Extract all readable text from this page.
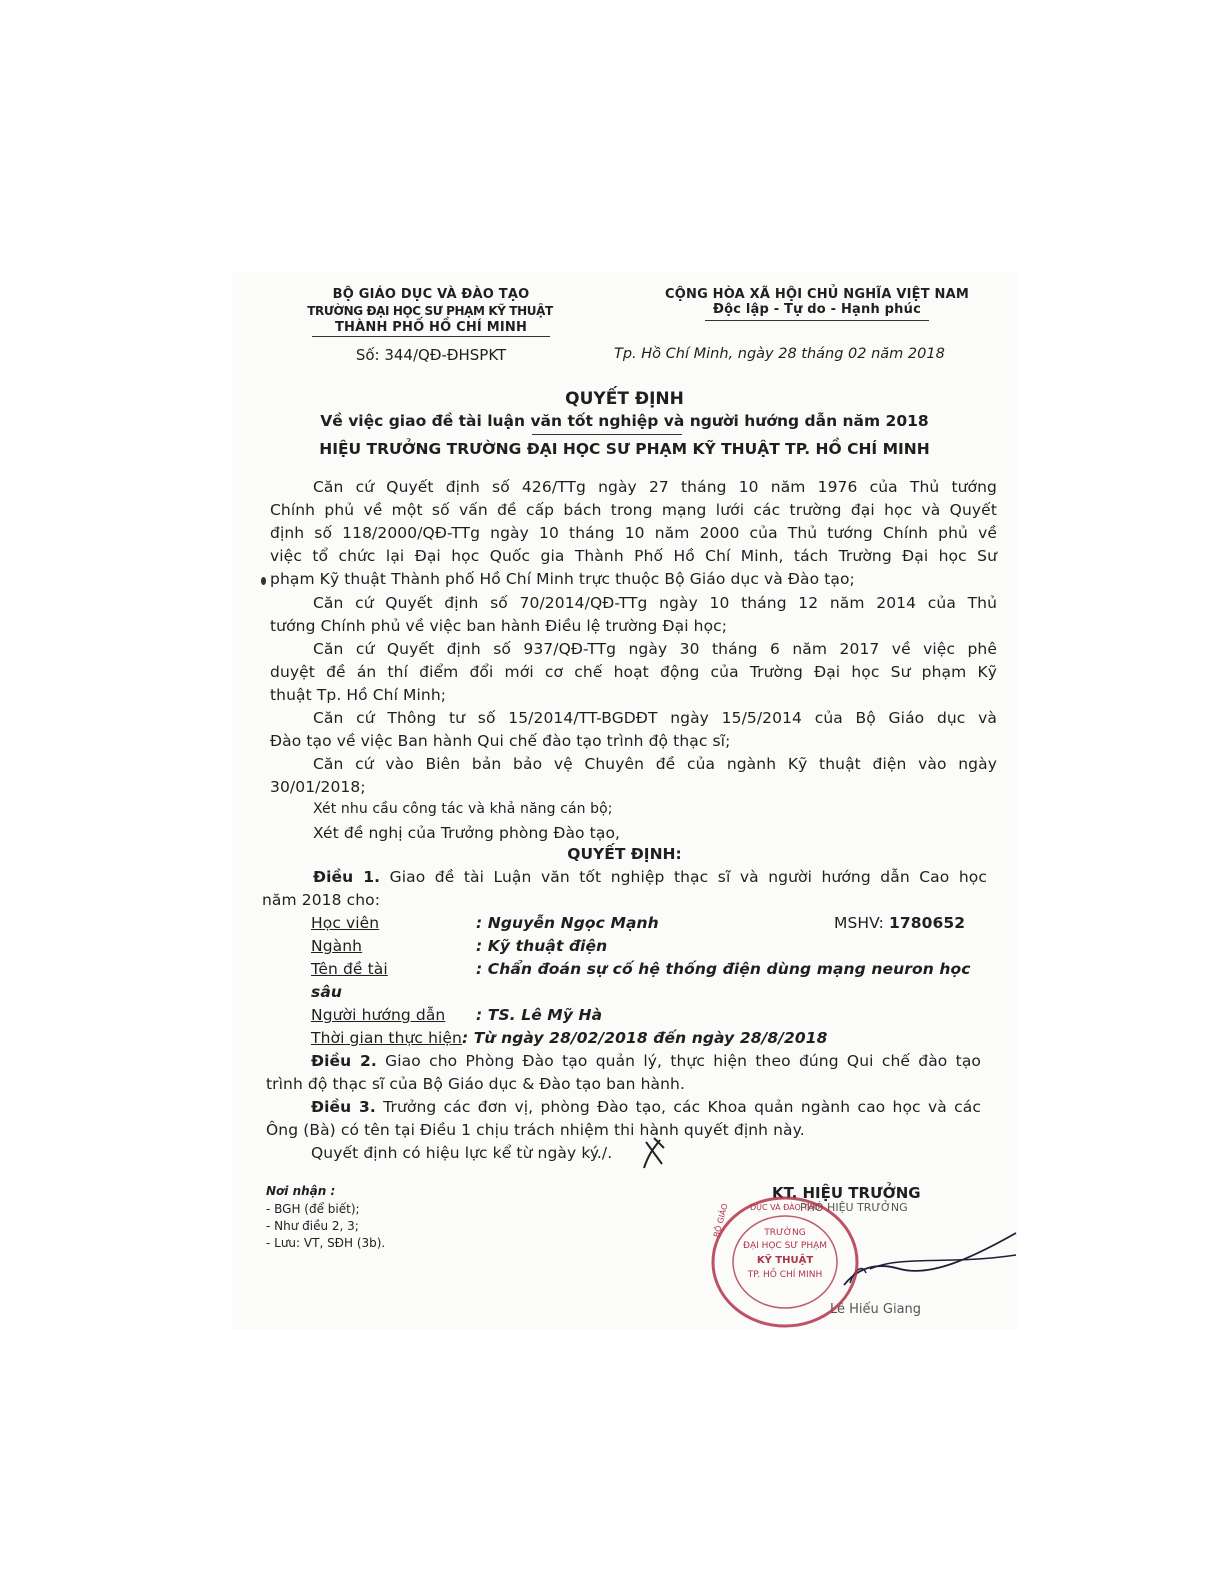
BỘ GIÁO DỤC VÀ ĐÀO TẠO
TRƯỜNG ĐẠI HỌC SƯ PHẠM KỸ THUẬT
THÀNH PHỐ HỒ CHÍ MINH
Số: 344/QĐ-ĐHSPKT
CỘNG HÒA XÃ HỘI CHỦ NGHĨA VIỆT NAM
Độc lập - Tự do - Hạnh phúc
Tp. Hồ Chí Minh, ngày 28 tháng 02 năm 2018
QUYẾT ĐỊNH
Về việc giao đề tài luận văn tốt nghiệp và người hướng dẫn năm 2018
HIỆU TRƯỞNG TRƯỜNG ĐẠI HỌC SƯ PHẠM KỸ THUẬT TP. HỒ CHÍ MINH
Căn cứ Quyết định số 426/TTg ngày 27 tháng 10 năm 1976 của Thủ tướng
Chính phủ về một số vấn đề cấp bách trong mạng lưới các trường đại học và Quyết
định số 118/2000/QĐ-TTg ngày 10 tháng 10 năm 2000 của Thủ tướng Chính phủ về
việc tổ chức lại Đại học Quốc gia Thành Phố Hồ Chí Minh, tách Trường Đại học Sư
phạm Kỹ thuật Thành phố Hồ Chí Minh trực thuộc Bộ Giáo dục và Đào tạo;
Căn cứ Quyết định số 70/2014/QĐ-TTg ngày 10 tháng 12 năm 2014 của Thủ
tướng Chính phủ về việc ban hành Điều lệ trường Đại học;
Căn cứ Quyết định số 937/QĐ-TTg ngày 30 tháng 6 năm 2017 về việc phê
duyệt đề án thí điểm đổi mới cơ chế hoạt động của Trường Đại học Sư phạm Kỹ
thuật Tp. Hồ Chí Minh;
Căn cứ Thông tư số 15/2014/TT-BGDĐT ngày 15/5/2014 của Bộ Giáo dục và
Đào tạo về việc Ban hành Qui chế đào tạo trình độ thạc sĩ;
Căn cứ vào Biên bản bảo vệ Chuyên đề của ngành Kỹ thuật điện vào ngày
30/01/2018;
Xét nhu cầu công tác và khả năng cán bộ;
Xét đề nghị của Trưởng phòng Đào tạo,
QUYẾT ĐỊNH:
Điều 1. Giao đề tài Luận văn tốt nghiệp thạc sĩ và người hướng dẫn Cao học
năm 2018 cho:
Học viên	: Nguyễn Ngọc Mạnh	MSHV: 1780652
Ngành	: Kỹ thuật điện
Tên đề tài	: Chẩn đoán sự cố hệ thống điện dùng mạng neuron học
sâu
Người hướng dẫn : TS. Lê Mỹ Hà
Thời gian thực hiện: Từ ngày 28/02/2018 đến ngày 28/8/2018
Điều 2. Giao cho Phòng Đào tạo quản lý, thực hiện theo đúng Qui chế đào tạo
trình độ thạc sĩ của Bộ Giáo dục & Đào tạo ban hành.
Điều 3. Trưởng các đơn vị, phòng Đào tạo, các Khoa quản ngành cao học và các
Ông (Bà) có tên tại Điều 1 chịu trách nhiệm thi hành quyết định này.
Quyết định có hiệu lực kể từ ngày ký./.
Nơi nhận :
- BGH (để biết);
- Như điều 2, 3;
- Lưu: VT, SĐH (3b).
KT. HIỆU TRƯỞNG
PHÓ HIỆU TRƯỞNG
Lê Hiếu Giang
DỤC VÀ ĐÀO TẠO
BỘ GIÁO	TRƯỜNG
ĐẠI HỌC SƯ PHẠM
KỸ THUẬT
TP. HỒ CHÍ MINH
